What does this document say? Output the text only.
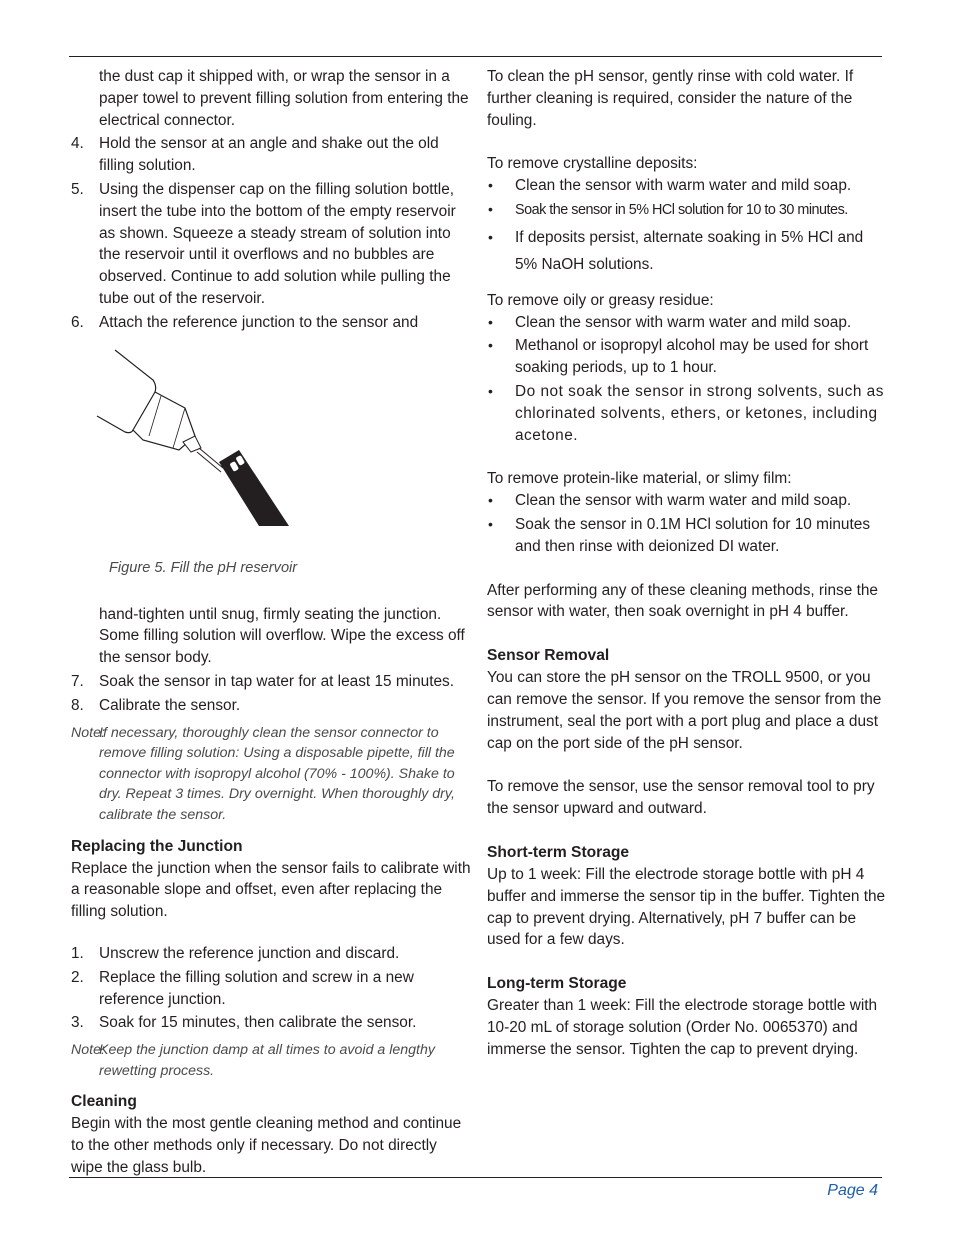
the dust cap it shipped with, or wrap the sensor in a paper towel to prevent filling solution from entering the electrical connector.

4. Hold the sensor at an angle and shake out the old filling solution.
5. Using the dispenser cap on the filling solution bottle, insert the tube into the bottom of the empty reservoir as shown. Squeeze a steady stream of solution into the reservoir until it overflows and no bubbles are observed. Continue to add solution while pulling the tube out of the reservoir.
6. Attach the reference junction to the sensor and
Figure 5. Fill the pH reservoir

hand-tighten until snug, firmly seating the junction. Some filling solution will overflow. Wipe the excess off the sensor body.

7. Soak the sensor in tap water for at least 15 minutes.
8. Calibrate the sensor.
Note:
If necessary, thoroughly clean the sensor connector to remove filling solution: Using a disposable pipette, fill the connector with isopropyl alcohol (70% - 100%). Shake to dry. Repeat 3 times. Dry overnight. When thoroughly dry, calibrate the sensor.
Replacing the Junction

Replace the junction when the sensor fails to calibrate with a reasonable slope and offset, even after replacing the filling solution.

1. Unscrew the reference junction and discard.
2. Replace the filling solution and screw in a new reference junction.
3. Soak for 15 minutes, then calibrate the sensor.
Note:
Keep the junction damp at all times to avoid a lengthy rewetting process.
Cleaning

Begin with the most gentle cleaning method and continue to the other methods only if necessary. Do not directly wipe the glass bulb.

To clean the pH sensor, gently rinse with cold water. If further cleaning is required, consider the nature of the fouling.

To remove crystalline deposits:

• Clean the sensor with warm water and mild soap.
• Soak the sensor in 5% HCl solution for 10 to 30 minutes.
• If deposits persist, alternate soaking in 5% HCl and 5% NaOH solutions.

To remove oily or greasy residue:

• Clean the sensor with warm water and mild soap.
• Methanol or isopropyl alcohol may be used for short soaking periods, up to 1 hour.
• Do not soak the sensor in strong solvents, such as chlorinated solvents, ethers, or ketones, including acetone.

To remove protein-like material, or slimy film:

• Clean the sensor with warm water and mild soap.
• Soak the sensor in 0.1M HCl solution for 10 minutes and then rinse with deionized DI water.

After performing any of these cleaning methods, rinse the sensor with water, then soak overnight in pH 4 buffer.

Sensor Removal

You can store the pH sensor on the TROLL 9500, or you can remove the sensor. If you remove the sensor from the instrument, seal the port with a port plug and place a dust cap on the port side of the pH sensor.

To remove the sensor, use the sensor removal tool to pry the sensor upward and outward.

Short-term Storage

Up to 1 week: Fill the electrode storage bottle with pH 4 buffer and immerse the sensor tip in the buffer. Tighten the cap to prevent drying. Alternatively, pH 7 buffer can be used for a few days.

Long-term Storage

Greater than 1 week: Fill the electrode storage bottle with 10-20 mL of storage solution (Order No. 0065370) and immerse the sensor. Tighten the cap to prevent drying.

Page 4
